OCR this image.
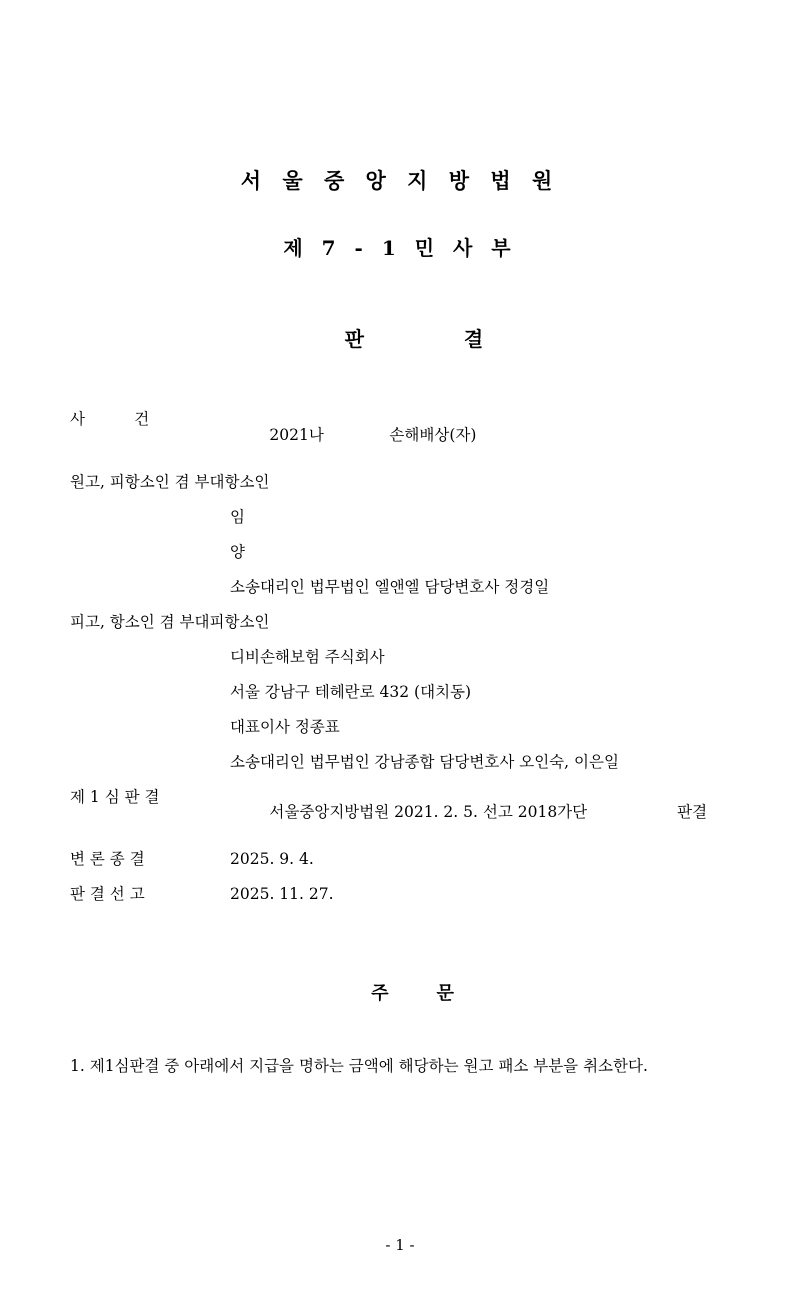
서 울 중 앙 지 방 법 원
제 7 - 1 민 사 부

판	결

사          건

2021나	손해배상(자)

원고, 피항소인 겸 부대항소인
임
양
소송대리인 법무법인 엘앤엘 담당변호사 정경일
피고, 항소인 겸 부대피항소인
디비손해보험 주식회사
서울 강남구 테헤란로 432 (대치동)
대표이사 정종표
소송대리인 법무법인 강남종합 담당변호사 오인숙, 이은일
제 1 심 판 결

서울중앙지방법원 2021. 2. 5. 선고 2018가단	판결

변 론 종 결	2025. 9. 4.
판 결 선 고	2025. 11. 27.

주	문

1. 제1심판결 중 아래에서 지급을 명하는 금액에 해당하는 원고 패소 부분을 취소한다.
- 1 -
